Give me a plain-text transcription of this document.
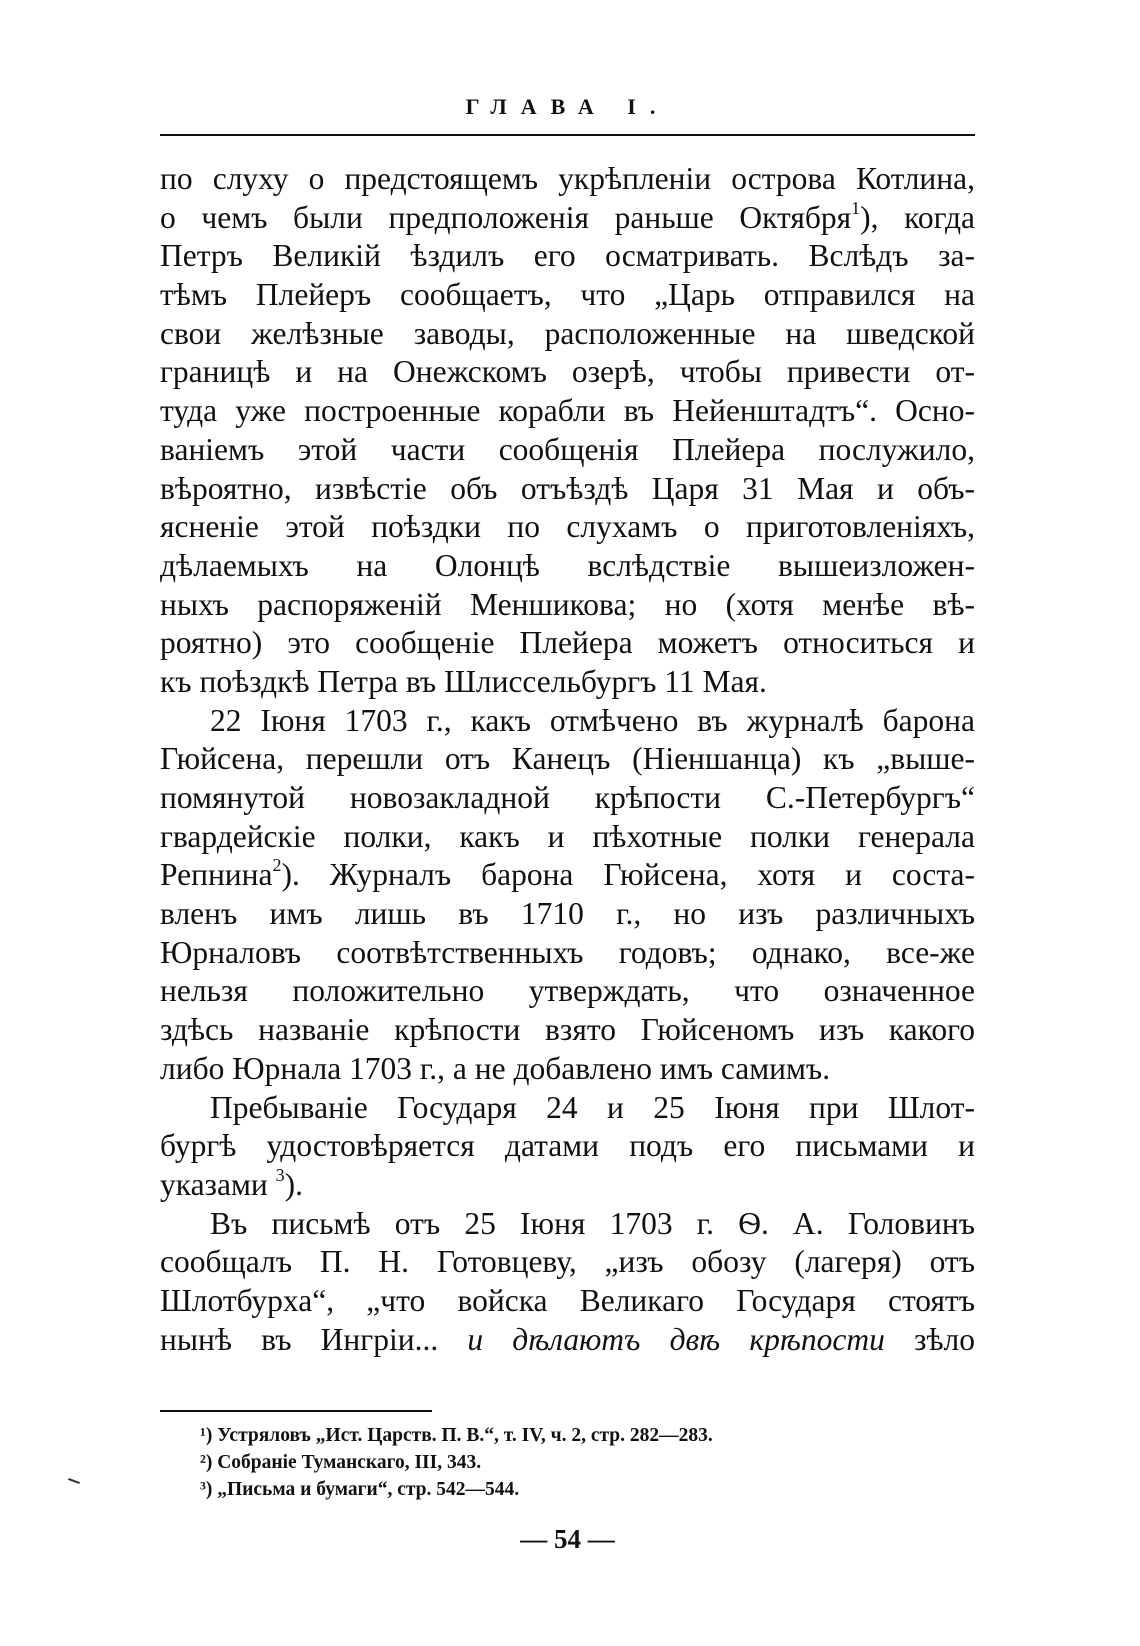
ГЛАВА I.
по слуху о предстоящемъ укрѣпленіи острова Котлина,
о чемъ были предположенія раньше Октября$^1$), когда
Петръ Великій ѣздилъ его осматривать. Вслѣдъ за-
тѣмъ Плейеръ сообщаетъ, что „Царь отправился на
свои желѣзные заводы, расположенные на шведской
границѣ и на Онежскомъ озерѣ, чтобы привести от-
туда уже построенные корабли въ Нейенштадтъ“. Осно-
ваніемъ этой части сообщенія Плейера послужило,
вѣроятно, извѣстіе объ отъѣздѣ Царя 31 Мая и объ-
ясненіе этой поѣздки по слухамъ о приготовленіяхъ,
дѣлаемыхъ на Олонцѣ вслѣдствіе вышеизложен-
ныхъ распоряженій Меншикова; но (хотя менѣе вѣ-
роятно) это сообщеніе Плейера можетъ относиться и
къ поѣздкѣ Петра въ Шлиссельбургъ 11 Мая.
22 Іюня 1703 г., какъ отмѣчено въ журналѣ барона
Гюйсена, перешли отъ Канецъ (Ніеншанца) къ „выше-
помянутой новозакладной крѣпости С.-Петербургъ“
гвардейскіе полки, какъ и пѣхотные полки генерала
Репнина$^2$). Журналъ барона Гюйсена, хотя и соста-
вленъ имъ лишь въ 1710 г., но изъ различныхъ
Юрналовъ соотвѣтственныхъ годовъ; однако, все-же
нельзя положительно утверждать, что означенное
здѣсь названіе крѣпости взято Гюйсеномъ изъ какого
либо Юрнала 1703 г., а не добавлено имъ самимъ.
Пребываніе Государя 24 и 25 Іюня при Шлот-
бургѣ удостовѣряется датами подъ его письмами и
указами $^3$).
Въ письмѣ отъ 25 Іюня 1703 г. Ѳ. А. Головинъ
сообщалъ П. Н. Готовцеву, „изъ обозу (лагеря) отъ
Шлотбурха“, „что войска Великаго Государя стоятъ
нынѣ въ Ингріи... и дѣлаютъ двѣ крѣпости зѣло
¹) Устряловъ „Ист. Царств. П. В.“, т. IV, ч. 2, стр. 282—283.
²) Собраніе Туманскаго, III, 343.
³) „Письма и бумаги“, стр. 542—544.
— 54 —
